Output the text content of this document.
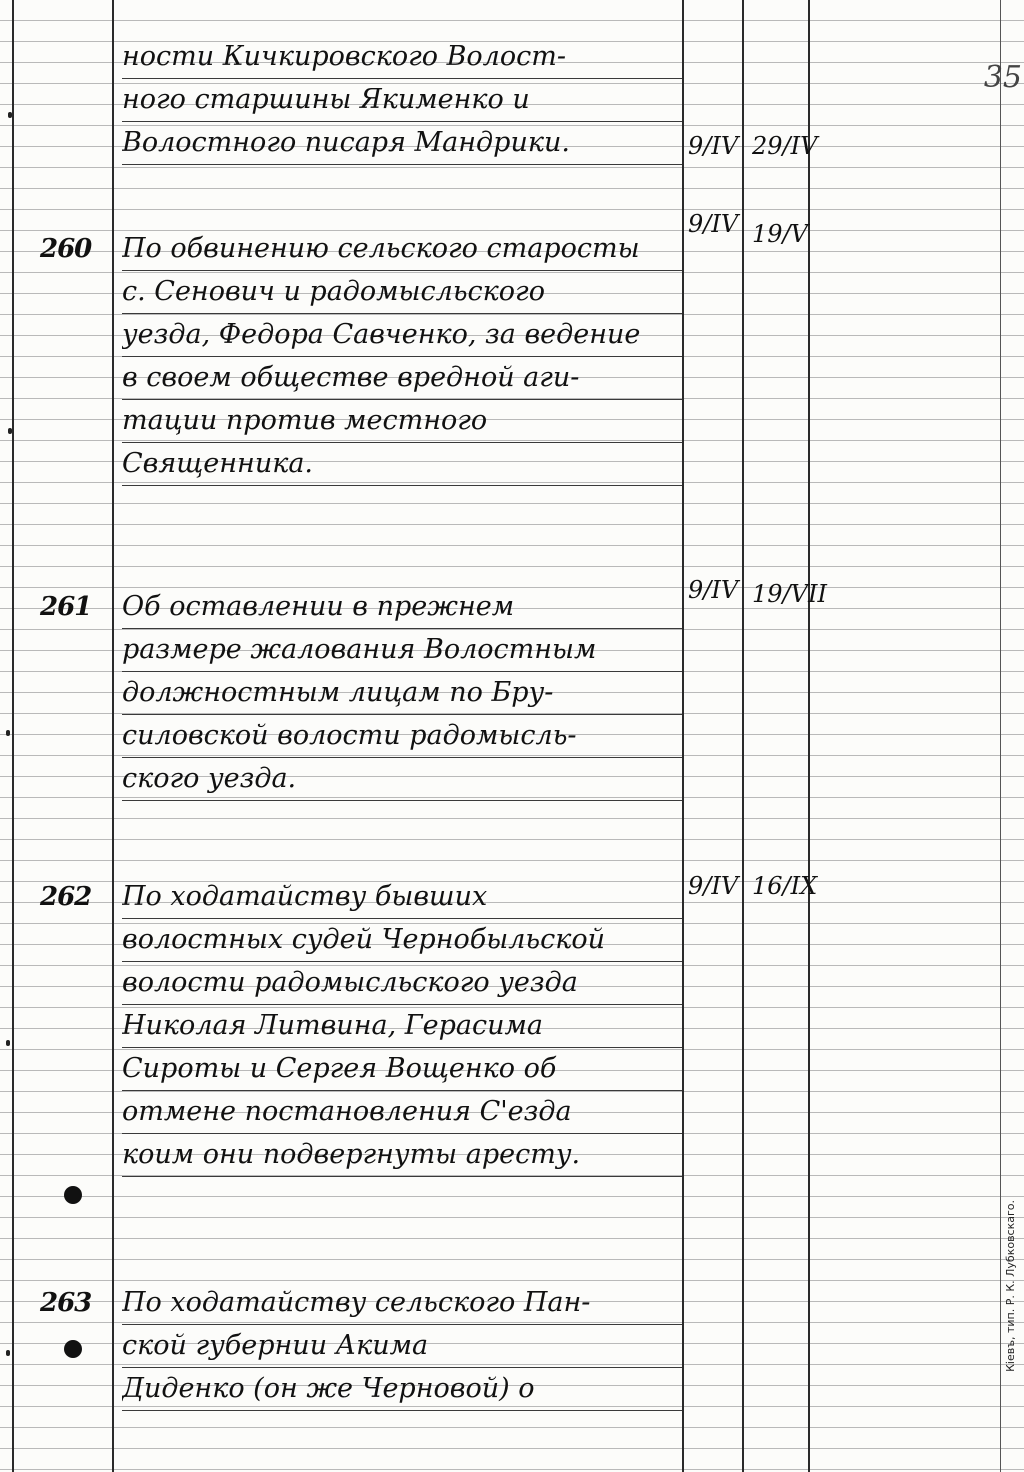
35
ности Кичкировского Волост-
ного старшины Якименко и
Волостного писаря Мандрики.	9/IV 29/IV
260 По обвинению сельского старосты
с. Сенович и радомысльского
уезда, Федора Савченко, за ведение
в своем обществе вредной аги-
тации против местного
Священника.
9/IV 19/V
261 Об оставлении в прежнем
размере жалования Волостным
должностным лицам по Бру-
силовской волости радомысль-
ского уезда.
9/IV 19/VII
262 По ходатайству бывших
волостных судей Чернобыльской
волости радомысльского уезда
Николая Литвина, Герасима
Сироты и Сергея Вощенко об
отмене постановления С'езда
коим они подвергнуты аресту.
9/IV 16/IX
263 По ходатайству сельского Пан-
ской губернии Акима
Диденко (он же Черновой) о
Кіевъ, тип. Р. К. Лубковскаго.
